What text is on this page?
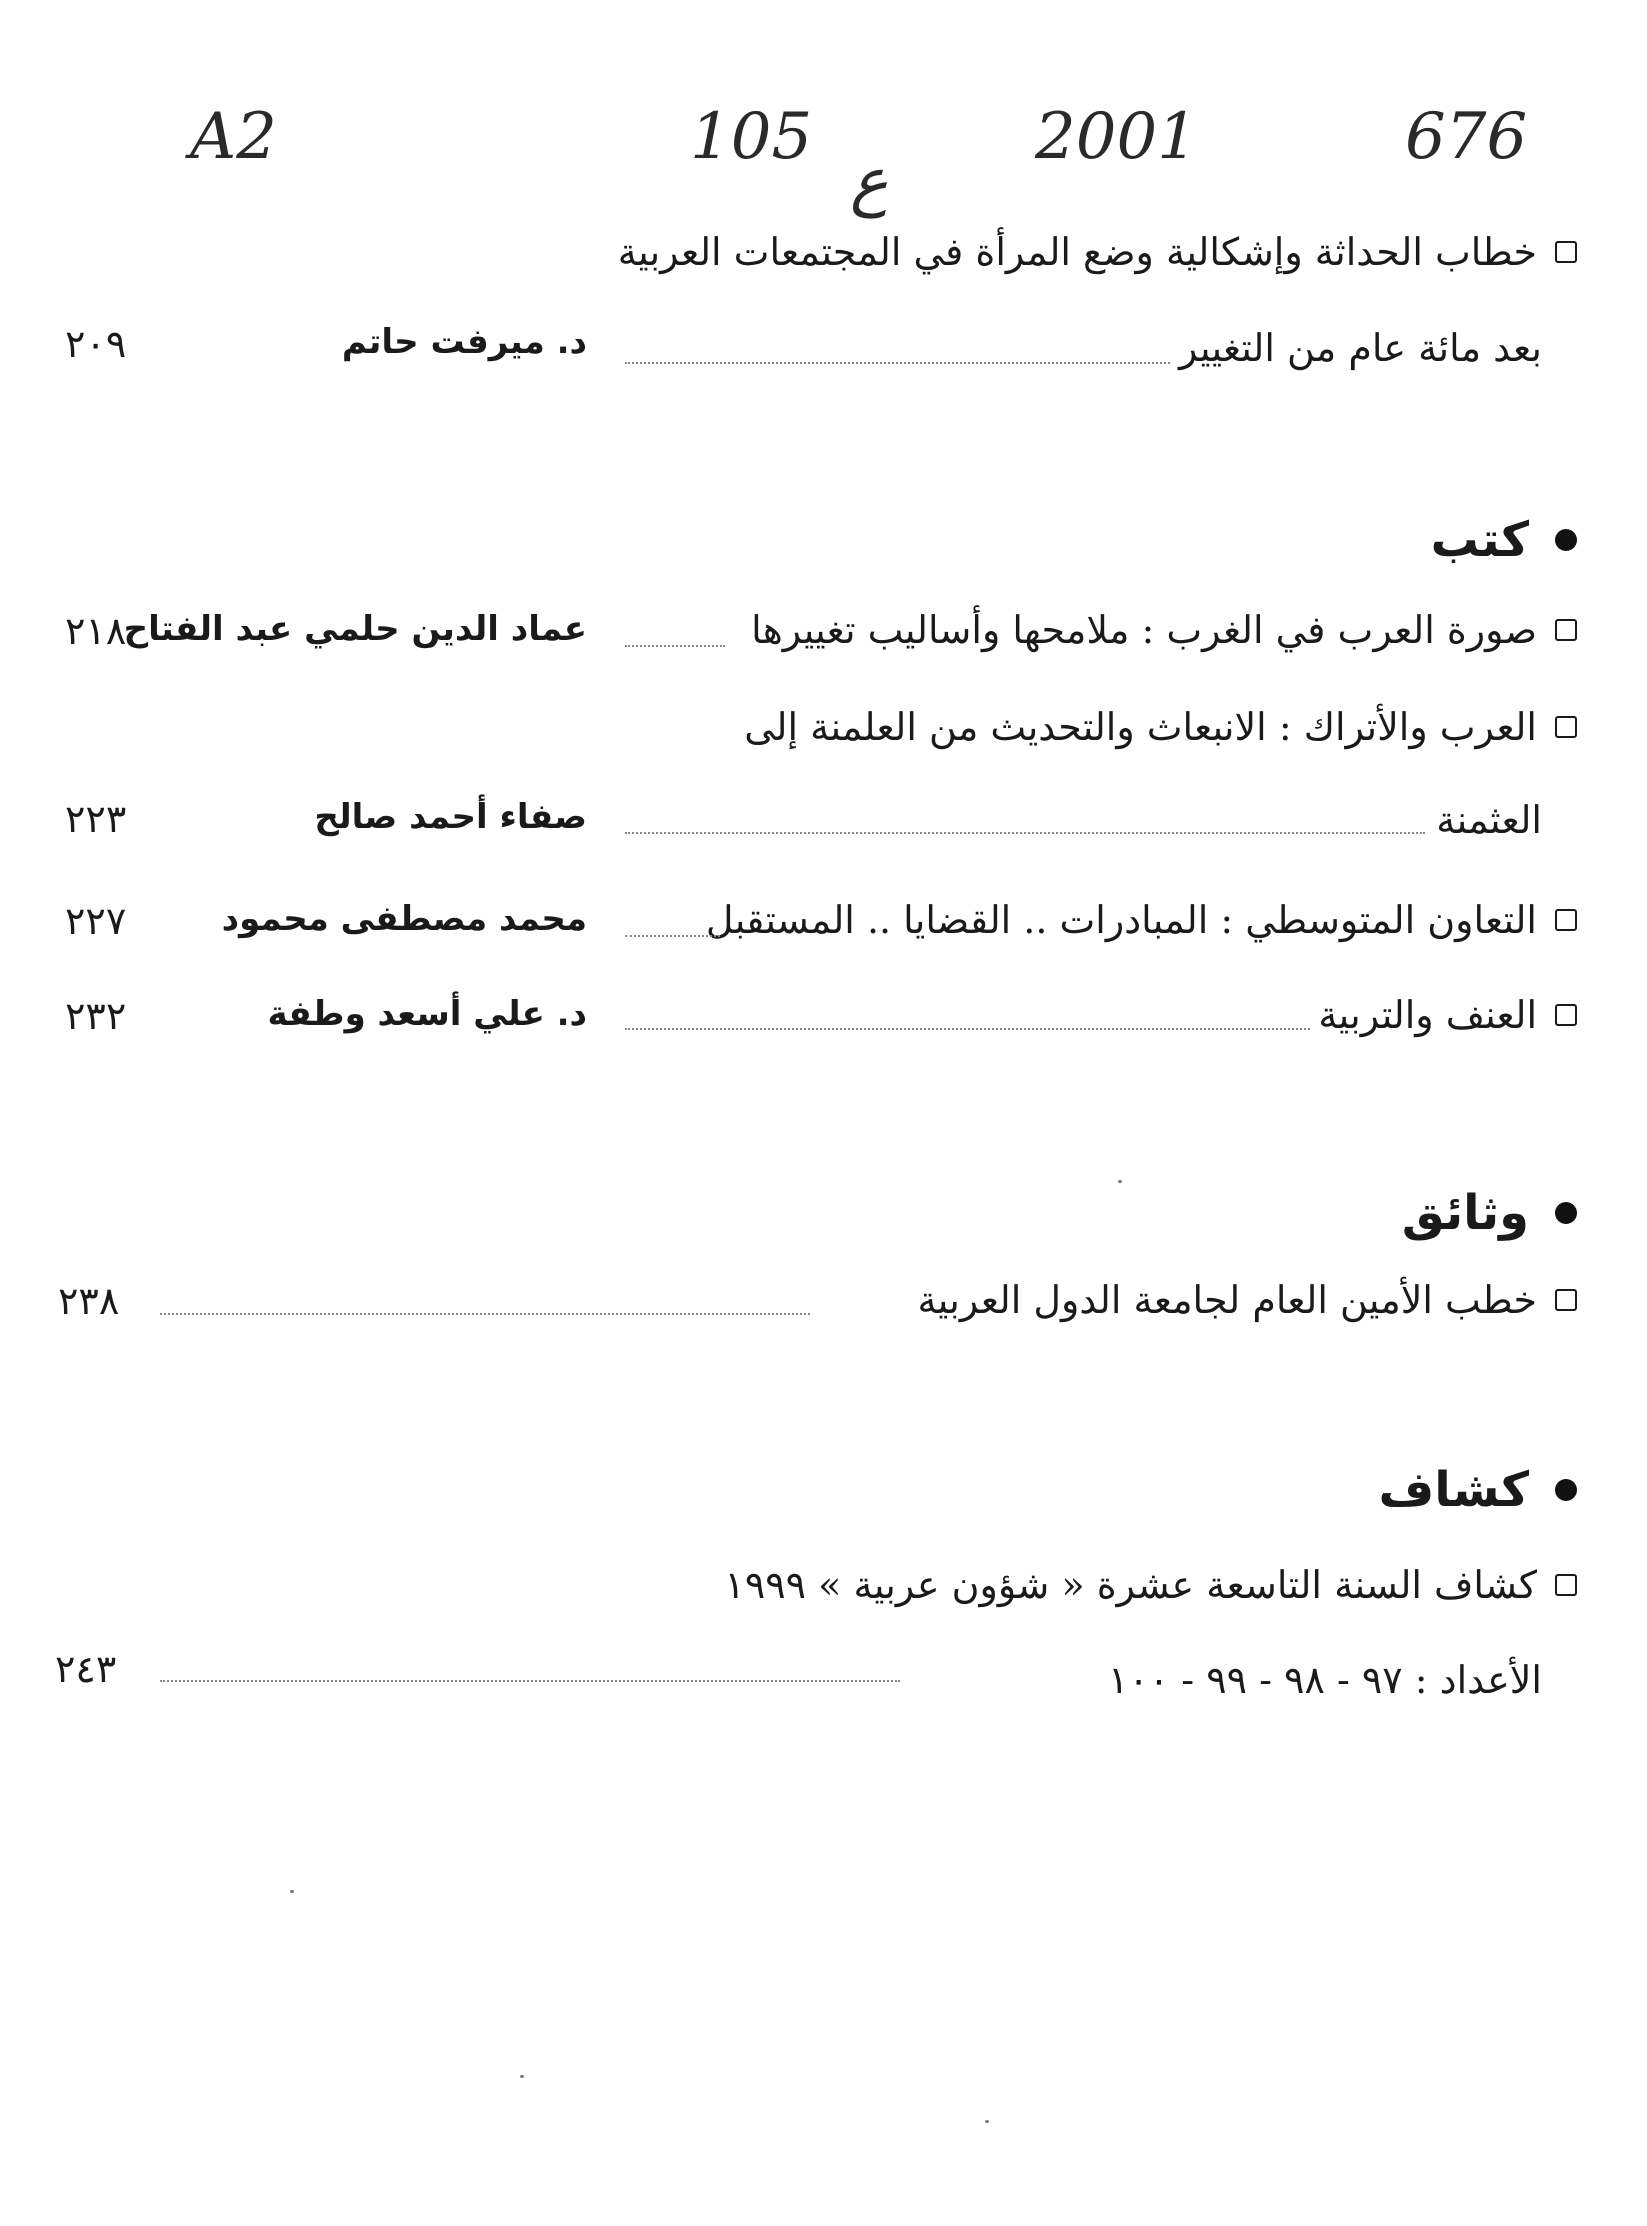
A2	105
ع
2001	676
خطاب الحداثة وإشكالية وضع المرأة في المجتمعات العربية
بعد مائة عام من التغيير
د. ميرفت حاتم
٢٠٩
كتب
صورة العرب في الغرب : ملامحها وأساليب تغييرها
عماد الدين حلمي عبد الفتاح
٢١٨
العرب والأتراك : الانبعاث والتحديث من العلمنة إلى
العثمنة
صفاء أحمد صالح
٢٢٣
التعاون المتوسطي : المبادرات .. القضايا .. المستقبل
محمد مصطفى محمود
٢٢٧
العنف والتربية
د. علي أسعد وطفة
٢٣٢
وثائق
خطب الأمين العام لجامعة الدول العربية
٢٣٨
كشاف
كشاف السنة التاسعة عشرة « شؤون عربية » ١٩٩٩
الأعداد : ٩٧ - ٩٨ - ٩٩ - ١٠٠
٢٤٣
